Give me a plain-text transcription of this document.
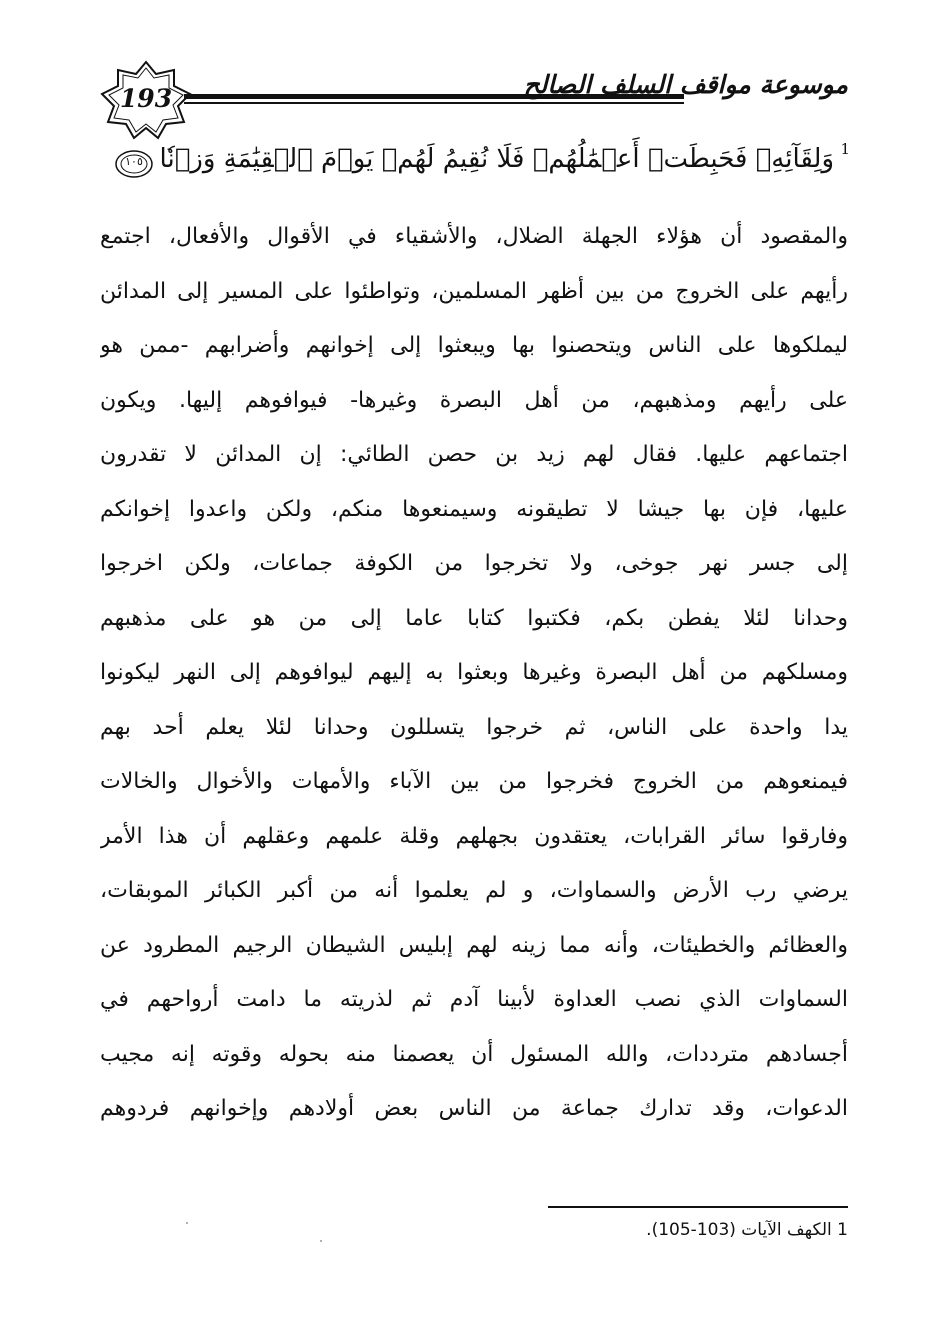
193	موسوعة مواقف السلف الصالح
1
وَلِقَآئِهِۦ فَحَبِطَتۡ أَعۡمَٰلُهُمۡ فَلَا نُقِيمُ لَهُمۡ يَوۡمَ ٱلۡقِيَٰمَةِ وَزۡنٗا
١٠٥
والمقصود أن هؤلاء الجهلة الضلال، والأشقياء في الأقوال والأفعال، اجتمع
رأيهم على الخروج من بين أظهر المسلمين، وتواطئوا على المسير إلى المدائن
ليملكوها على الناس ويتحصنوا بها ويبعثوا إلى إخوانهم وأضرابهم -ممن هو
على رأيهم ومذهبهم، من أهل البصرة وغيرها- فيوافوهم إليها. ويكون
اجتماعهم عليها. فقال لهم زيد بن حصن الطائي: إن المدائن لا تقدرون
عليها، فإن بها جيشا لا تطيقونه وسيمنعوها منكم، ولكن واعدوا إخوانكم
إلى جسر نهر جوخى، ولا تخرجوا من الكوفة جماعات، ولكن اخرجوا
وحدانا لئلا يفطن بكم، فكتبوا كتابا عاما إلى من هو على مذهبهم
ومسلكهم من أهل البصرة وغيرها وبعثوا به إليهم ليوافوهم إلى النهر ليكونوا
يدا واحدة على الناس، ثم خرجوا يتسللون وحدانا لئلا يعلم أحد بهم
فيمنعوهم من الخروج فخرجوا من بين الآباء والأمهات والأخوال والخالات
وفارقوا سائر القرابات، يعتقدون بجهلهم وقلة علمهم وعقلهم أن هذا الأمر
يرضي رب الأرض والسماوات، و لم يعلموا أنه من أكبر الكبائر الموبقات،
والعظائم والخطيئات، وأنه مما زينه لهم إبليس الشيطان الرجيم المطرود عن
السماوات الذي نصب العداوة لأبينا آدم ثم لذريته ما دامت أرواحهم في
أجسادهم مترددات، والله المسئول أن يعصمنا منه بحوله وقوته إنه مجيب
الدعوات، وقد تدارك جماعة من الناس بعض أولادهم وإخوانهم فردوهم
1 الكهف الآيات (103-105).
